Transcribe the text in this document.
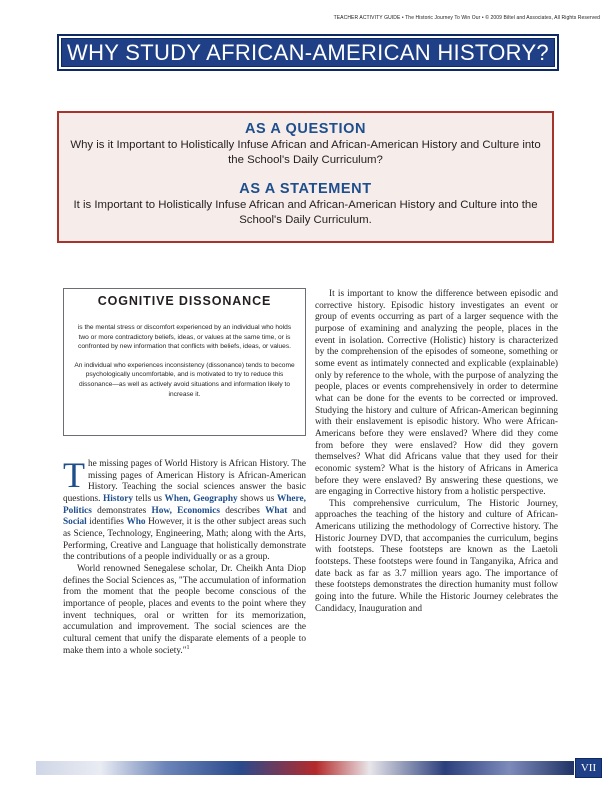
TEACHER ACTIVITY GUIDE • The Historic Journey To Win Our • © 2009 Biltel and Associates, All Rights Reserved
WHY STUDY AFRICAN-AMERICAN HISTORY?
AS A QUESTION

Why is it Important to Holistically Infuse African and African-American History and Culture into the School's Daily Curriculum?

AS A STATEMENT

It is Important to Holistically Infuse African and African-American History and Culture into the School's Daily Curriculum.

COGNITIVE DISSONANCE

is the mental stress or discomfort experienced by an individual who holds two or more contradictory beliefs, ideas, or values at the same time, or is confronted by new information that conflicts with beliefs, ideas, or values.

An individual who experiences inconsistency (dissonance) tends to become psychologically uncomfortable, and is motivated to try to reduce this dissonance—as well as actively avoid situations and information likely to increase it.

The missing pages of World History is African History. The missing pages of American History is African-American History. Teaching the social sciences answer the basic questions. History tells us When, Geography shows us Where, Politics demonstrates How, Economics describes What and Social identifies Who However, it is the other subject areas such as Science, Technology, Engineering, Math; along with the Arts, Performing, Creative and Language that holistically demonstrate the contributions of a people individually or as a group.

World renowned Senegalese scholar, Dr. Cheikh Anta Diop defines the Social Sciences as, "The accumulation of information from the moment that the people become conscious of the importance of people, places and events to the point where they invent techniques, oral or written for its memorization, accumulation and improvement. The social sciences are the cultural cement that unify the disparate elements of a people to make them into a whole society."$^1$

It is important to know the difference between episodic and corrective history. Episodic history investigates an event or group of events occurring as part of a larger sequence with the purpose of examining and analyzing the people, places in the event in isolation. Corrective (Holistic) history is characterized by the comprehension of the episodes of someone, something or some event as intimately connected and explicable (explainable) only by reference to the whole, with the purpose of analyzing the people, places or events comprehensively in order to determine what can be done for the events to be corrected or improved. Studying the history and culture of African-American beginning with their enslavement is episodic history. Who were African-Americans before they were enslaved? Where did they come from before they were enslaved? How did they govern themselves? What did Africans value that they used for their economic system? What is the history of Africans in America before they were enslaved? By answering these questions, we are engaging in Corrective history from a holistic perspective.

This comprehensive curriculum, The Historic Journey, approaches the teaching of the history and culture of African-Americans utilizing the methodology of Corrective history. The Historic Journey DVD, that accompanies the curriculum, begins with footsteps. These footsteps are known as the Laetoli footsteps. These footsteps were found in Tanganyika, Africa and date back as far as 3.7 million years ago. The importance of these footsteps demonstrates the direction humanity must follow going into the future. While the Historic Journey celebrates the Candidacy, Inauguration and

VII
